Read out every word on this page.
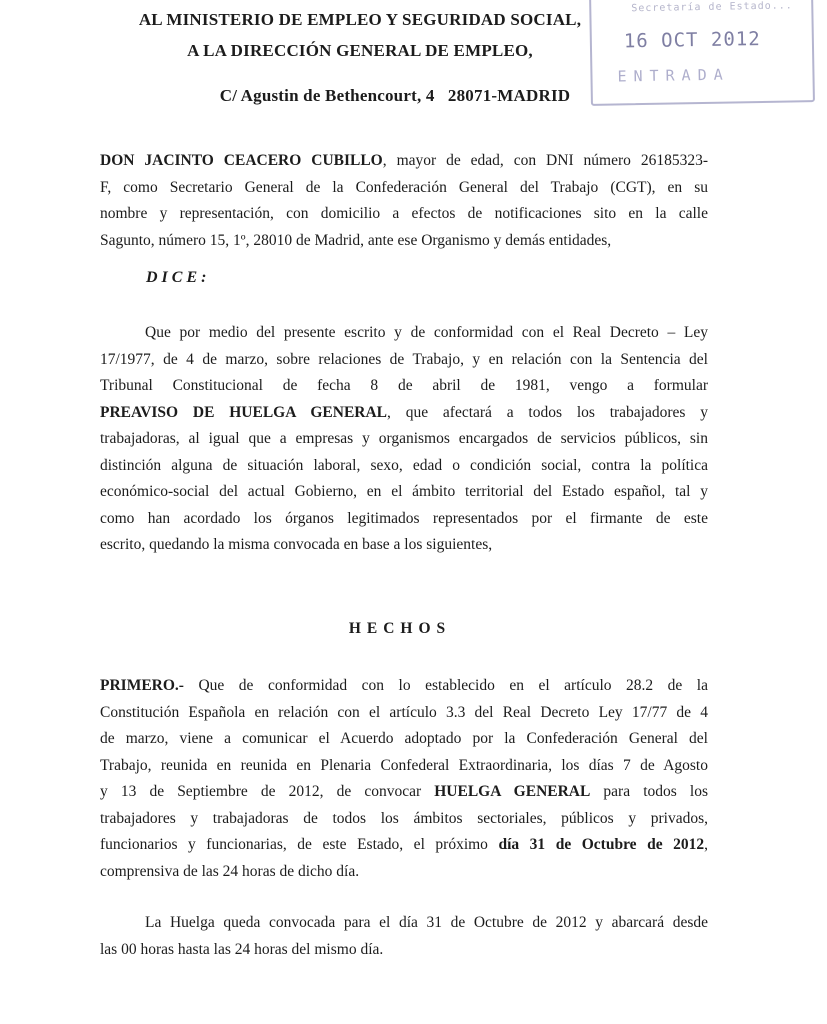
AL MINISTERIO DE EMPLEO Y SEGURIDAD SOCIAL,
A LA DIRECCIÓN GENERAL DE EMPLEO,
C/ Agustin de Bethencourt, 4 28071-MADRID
Secretaría de Estado...
16 OCT 2012
ENTRADA
DON JACINTO CEACERO CUBILLO, mayor de edad, con DNI número 26185323-
F, como Secretario General de la Confederación General del Trabajo (CGT), en su
nombre y representación, con domicilio a efectos de notificaciones sito en la calle
Sagunto, número 15, 1º, 28010 de Madrid, ante ese Organismo y demás entidades,
DICE:
Que por medio del presente escrito y de conformidad con el Real Decreto – Ley
17/1977, de 4 de marzo, sobre relaciones de Trabajo, y en relación con la Sentencia del
Tribunal Constitucional de fecha 8 de abril de 1981, vengo a formular
PREAVISO DE HUELGA GENERAL, que afectará a todos los trabajadores y
trabajadoras, al igual que a empresas y organismos encargados de servicios públicos, sin
distinción alguna de situación laboral, sexo, edad o condición social, contra la política
económico-social del actual Gobierno, en el ámbito territorial del Estado español, tal y
como han acordado los órganos legitimados representados por el firmante de este
escrito, quedando la misma convocada en base a los siguientes,
HECHOS
PRIMERO.- Que de conformidad con lo establecido en el artículo 28.2 de la
Constitución Española en relación con el artículo 3.3 del Real Decreto Ley 17/77 de 4
de marzo, viene a comunicar el Acuerdo adoptado por la Confederación General del
Trabajo, reunida en reunida en Plenaria Confederal Extraordinaria, los días 7 de Agosto
y 13 de Septiembre de 2012, de convocar HUELGA GENERAL para todos los
trabajadores y trabajadoras de todos los ámbitos sectoriales, públicos y privados,
funcionarios y funcionarias, de este Estado, el próximo día 31 de Octubre de 2012,
comprensiva de las 24 horas de dicho día.
La Huelga queda convocada para el día 31 de Octubre de 2012 y abarcará desde
las 00 horas hasta las 24 horas del mismo día.
